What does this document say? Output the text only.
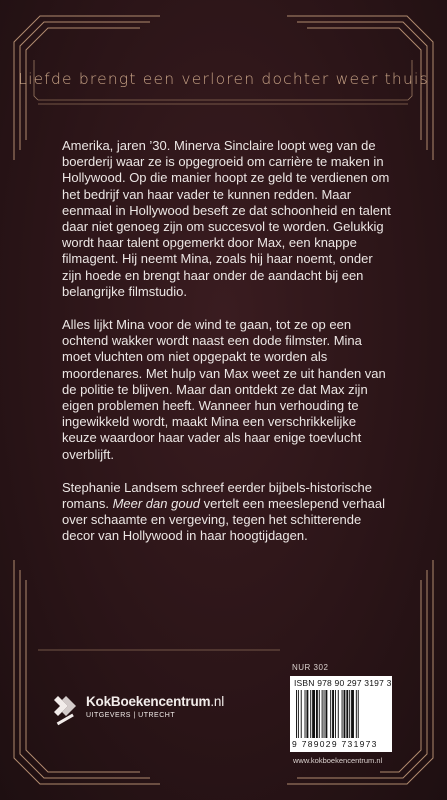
Liefde brengt een verloren dochter weer thuis

Amerika, jaren ’30. Minerva Sinclaire loopt weg van de boerderij waar ze is opgegroeid om carrière te maken in Hollywood. Op die manier hoopt ze geld te verdienen om het bedrijf van haar vader te kunnen redden. Maar eenmaal in Hollywood beseft ze dat schoonheid en talent daar niet genoeg zijn om succesvol te worden. Gelukkig wordt haar talent opgemerkt door Max, een knappe filmagent. Hij neemt Mina, zoals hij haar noemt, onder zijn hoede en brengt haar onder de aandacht bij een belangrijke filmstudio.

Alles lijkt Mina voor de wind te gaan, tot ze op een ochtend wakker wordt naast een dode filmster. Mina moet vluchten om niet opgepakt te worden als moordenares. Met hulp van Max weet ze uit handen van de politie te blijven. Maar dan ontdekt ze dat Max zijn eigen problemen heeft. Wanneer hun verhouding te ingewikkeld wordt, maakt Mina een verschrikkelijke keuze waardoor haar vader als haar enige toevlucht overblijft.

Stephanie Landsem schreef eerder bijbels-historische romans. Meer dan goud vertelt een meeslepend verhaal over schaamte en vergeving, tegen het schitterende decor van Hollywood in haar hoogtijdagen.

KokBoekencentrum.nl
UITGEVERS | UTRECHT
NUR 302
ISBN 978 90 297 3197 3
9 789029 731973
www.kokboekencentrum.nl
